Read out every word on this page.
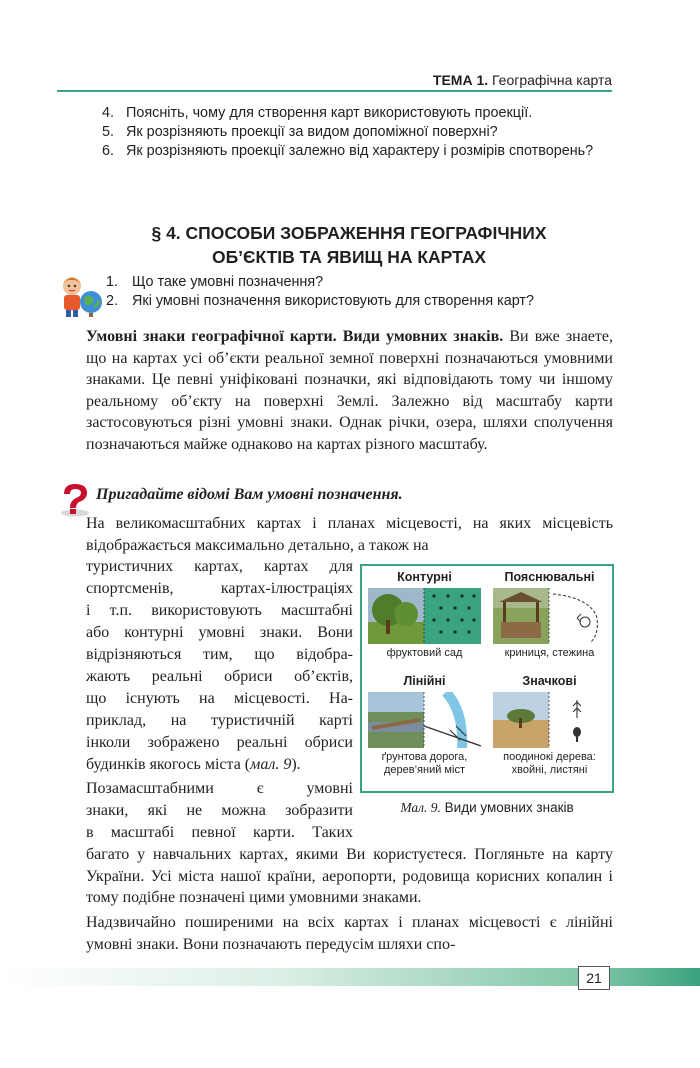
ТЕМА 1. Географічна карта
4. Поясніть, чому для створення карт використовують проекції.
5. Як розрізняють проекції за видом допоміжної поверхні?
6. Як розрізняють проекції залежно від характеру і розмірів спотворень?
§ 4. СПОСОБИ ЗОБРАЖЕННЯ ГЕОГРАФІЧНИХ
ОБ’ЄКТІВ ТА ЯВИЩ НА КАРТАХ
1. Що таке умовні позначення?
2. Які умовні позначення використовують для створення карт?
Умовні знаки географічної карти. Види умовних знаків. Ви вже знаете, що на картах усі об’єкти реальної земної поверхні позначаються умовними знаками. Це певні уніфіковані позначки, які відповідають тому чи іншому реальному об’єкту на поверхні Землі. Залежно від масштабу карти застосовуються різні умовні знаки. Однак річки, озера, шляхи сполучення позначаються майже однаково на картах різного масштабу.
Пригадайте відомі Вам умовні позначення.
На великомасштабних картах і планах місцевості, на яких місцевість відображається максимально детально, а також на
туристичних картах, картах для
спортсменів, картах-ілюстраціях
і т.п. використовують масштабні
або контурні умовні знаки. Вони
відрізняються тим, що відобра-
жають реальні обриси об’єктів,
що існують на місцевості. На-
приклад, на туристичній карті
інколи зображено реальні обриси
будинків якогось міста (мал. 9).
Позамасштабними є умовні
знаки, які не можна зобразити
в масштабі певної карти. Таких
багато у навчальних картах, якими Ви користуєтеся. Погляньте на карту України. Усі міста нашої країни, аеропорти, родовища корисних копалин і тому подібне позначені цими умовними знаками.
Надзвичайно поширеними на всіх картах і планах місцевості є лінійні умовні знаки. Вони позначають передусім шляхи спо-
Контурні
фруктовий сад
Пояснювальні
криниця, стежина
Лінійні
ґрунтова дорога, дерев’яний міст
Значкові
поодинокі дерева: хвойні, листяні
Мал. 9. Види умовних знаків
21
